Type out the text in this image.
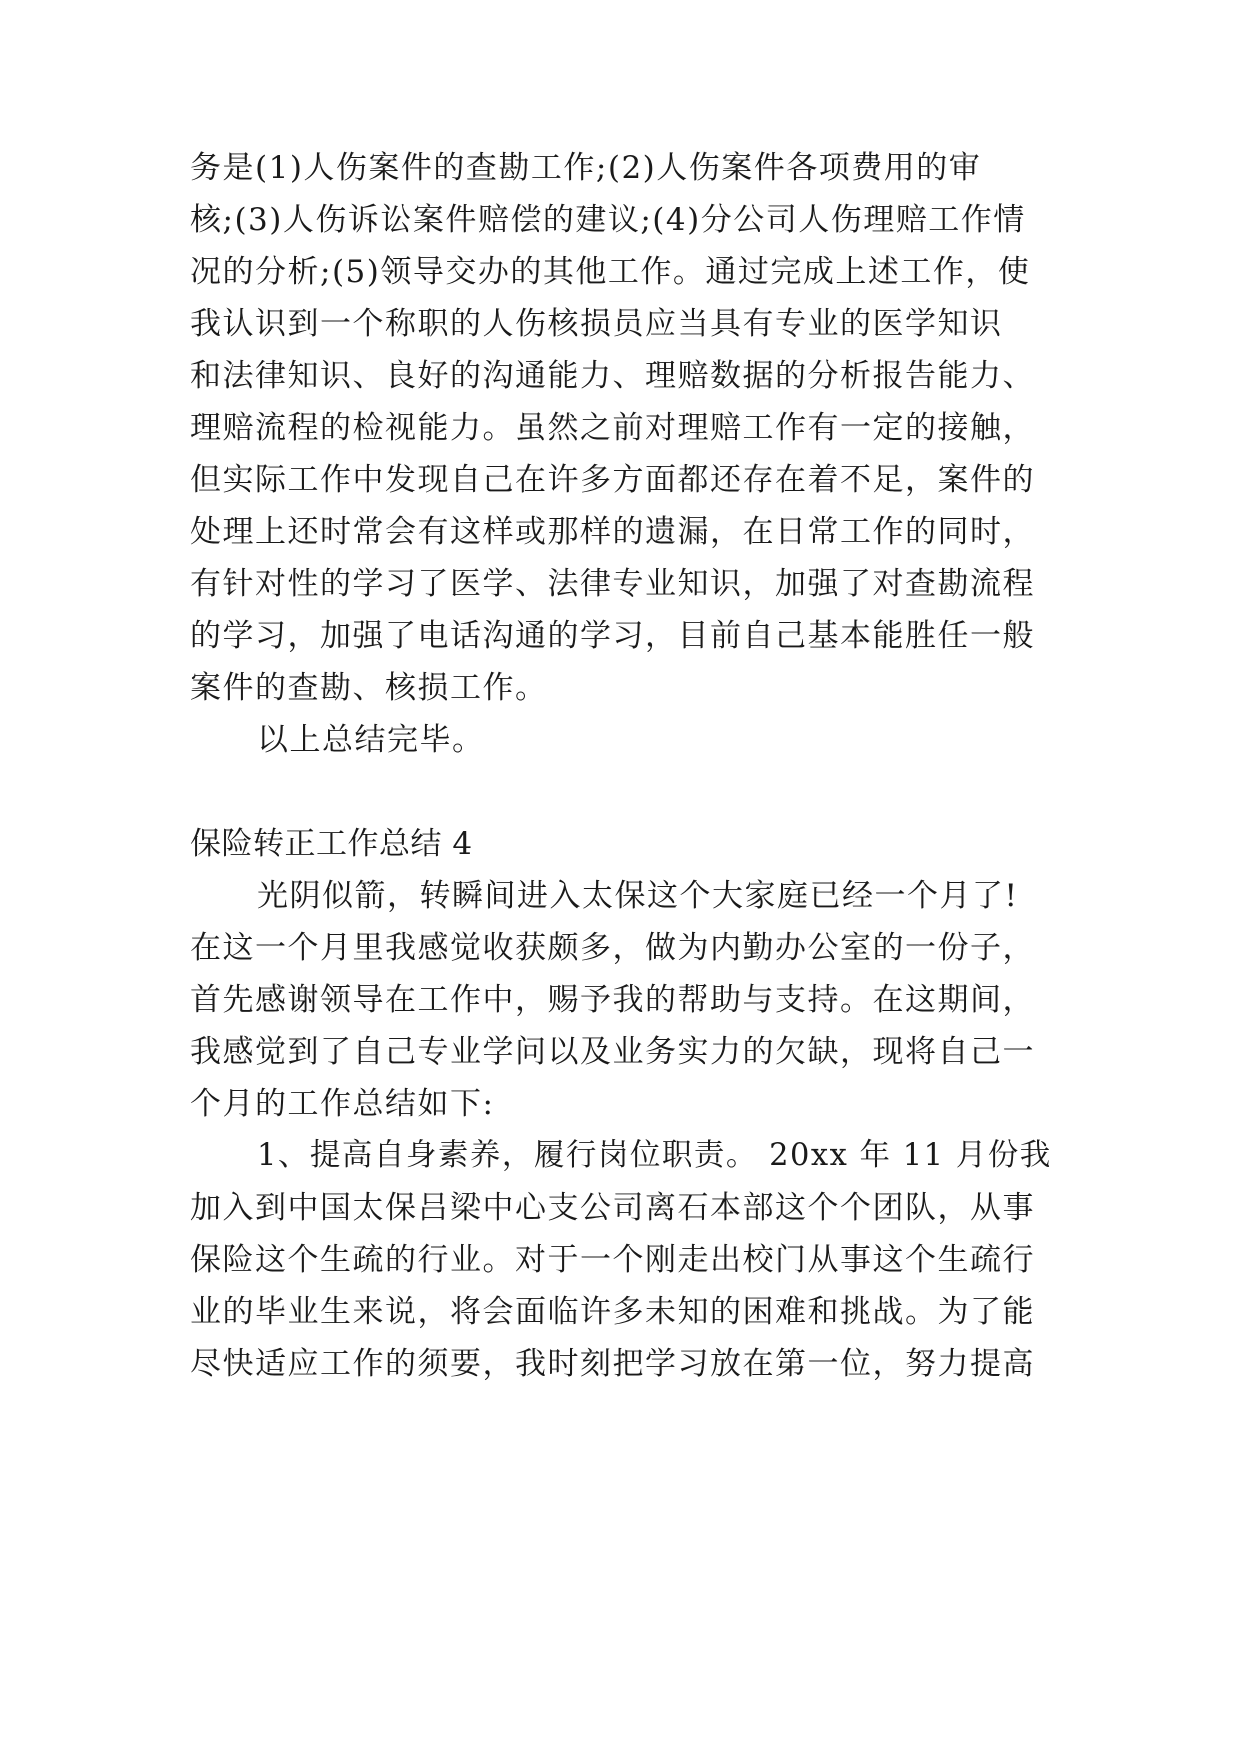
务是(1)人伤案件的查勘工作;(2)人伤案件各项费用的审
核;(3)人伤诉讼案件赔偿的建议;(4)分公司人伤理赔工作情
况的分析;(5)领导交办的其他工作。通过完成上述工作，使
我认识到一个称职的人伤核损员应当具有专业的医学知识
和法律知识、良好的沟通能力、理赔数据的分析报告能力、
理赔流程的检视能力。虽然之前对理赔工作有一定的接触，
但实际工作中发现自己在许多方面都还存在着不足，案件的
处理上还时常会有这样或那样的遗漏，在日常工作的同时，
有针对性的学习了医学、法律专业知识，加强了对查勘流程
的学习，加强了电话沟通的学习，目前自己基本能胜任一般
案件的查勘、核损工作。
以上总结完毕。
保险转正工作总结 4
光阴似箭，转瞬间进入太保这个大家庭已经一个月了!
在这一个月里我感觉收获颇多，做为内勤办公室的一份子，
首先感谢领导在工作中，赐予我的帮助与支持。在这期间，
我感觉到了自己专业学问以及业务实力的欠缺，现将自己一
个月的工作总结如下:
1、提高自身素养，履行岗位职责。 20xx 年 11 月份我
加入到中国太保吕梁中心支公司离石本部这个个团队，从事
保险这个生疏的行业。对于一个刚走出校门从事这个生疏行
业的毕业生来说，将会面临许多未知的困难和挑战。为了能
尽快适应工作的须要，我时刻把学习放在第一位，努力提高
